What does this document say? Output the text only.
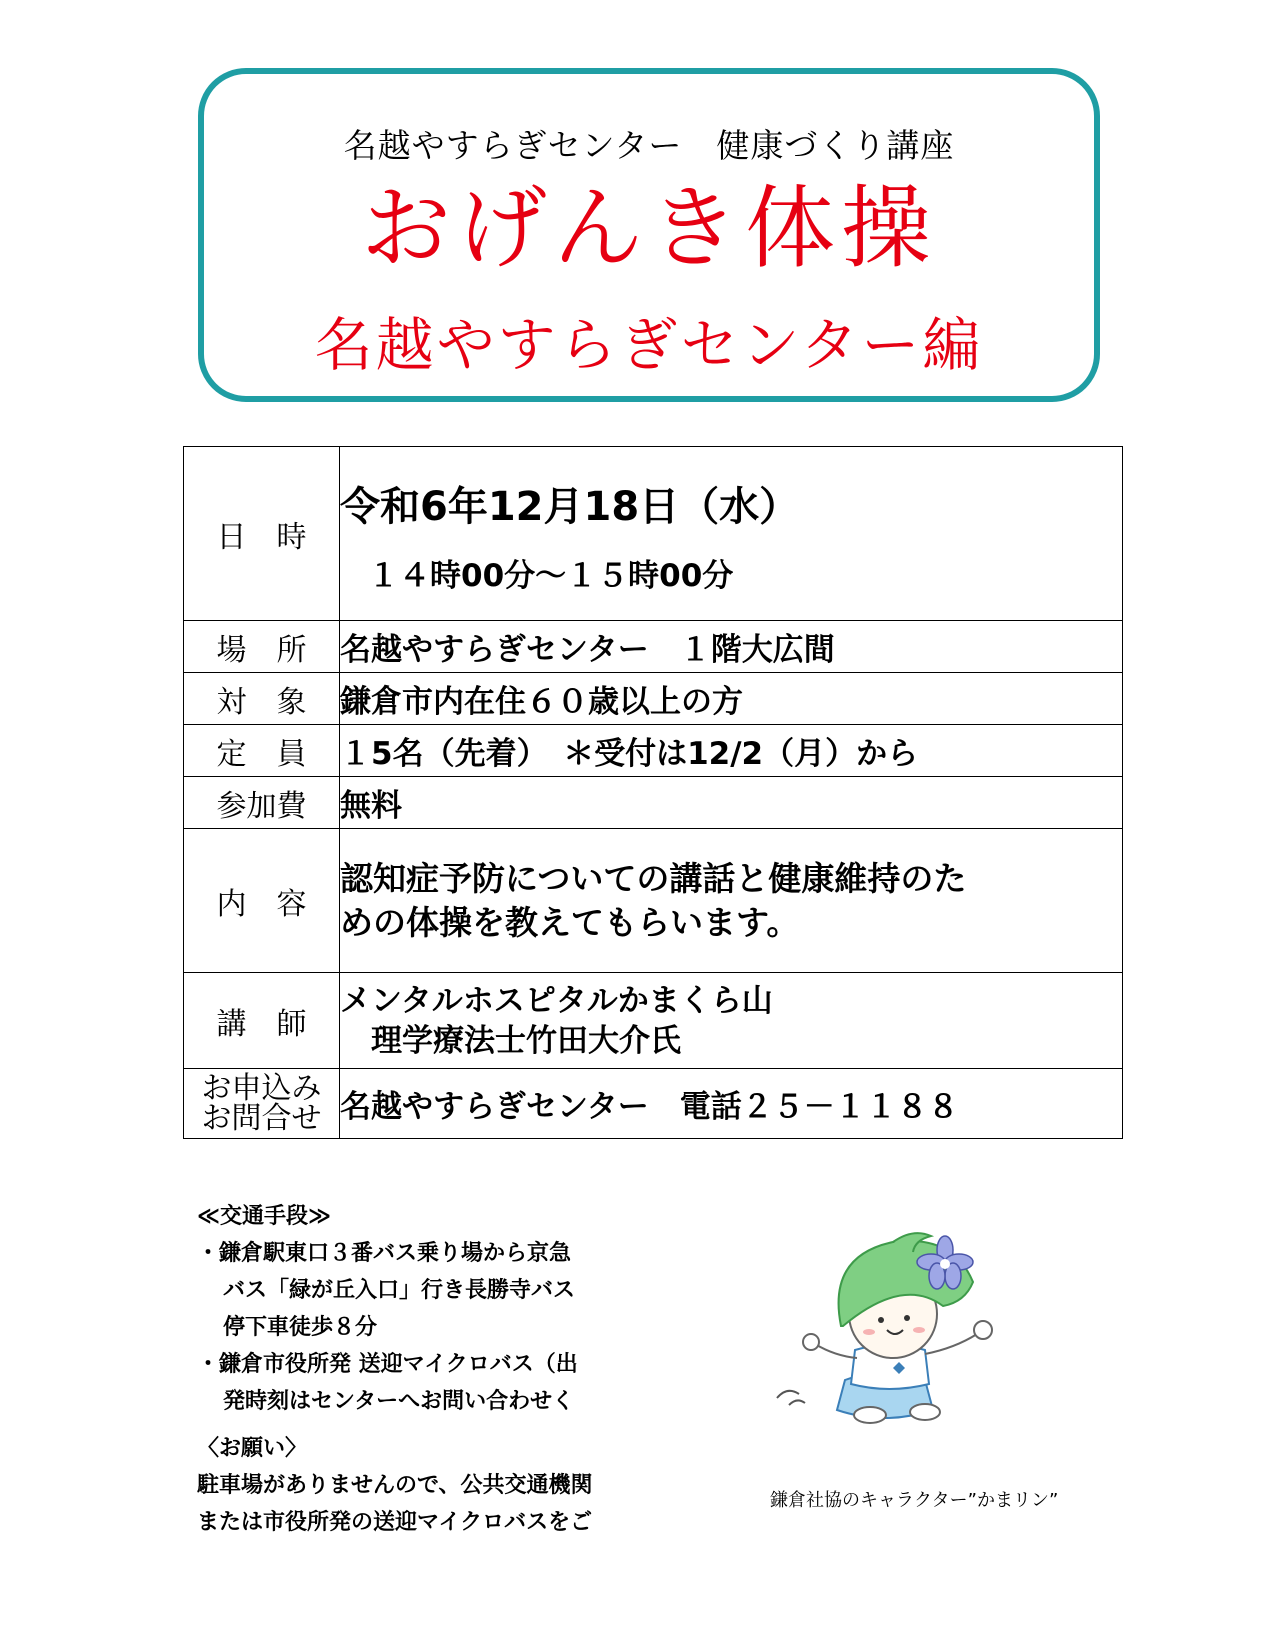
名越やすらぎセンター　健康づくり講座
おげんき体操
名越やすらぎセンター編
日　時	令和6年12月18日（水）
１４時00分～１５時00分

場　所	名越やすらぎセンター　１階大広間
対　象	鎌倉市内在住６０歳以上の方
定　員	１5名（先着）　＊受付は12/2（月）から
参加費	無料
内　容	認知症予防についての講話と健康維持のた
めの体操を教えてもらいます。

講　師	メンタルホスピタルかまくら山
　理学療法士竹田大介氏

お申込み
お問合せ	名越やすらぎセンター　電話２５－１１８８
≪交通手段≫
・鎌倉駅東口３番バス乗り場から京急
バス「緑が丘入口」行き長勝寺バス
停下車徒歩８分
・鎌倉市役所発 送迎マイクロバス（出
発時刻はセンターへお問い合わせく
〈お願い〉
駐車場がありませんので、公共交通機関
または市役所発の送迎マイクロバスをご
鎌倉社協のキャラクター”かまリン”
